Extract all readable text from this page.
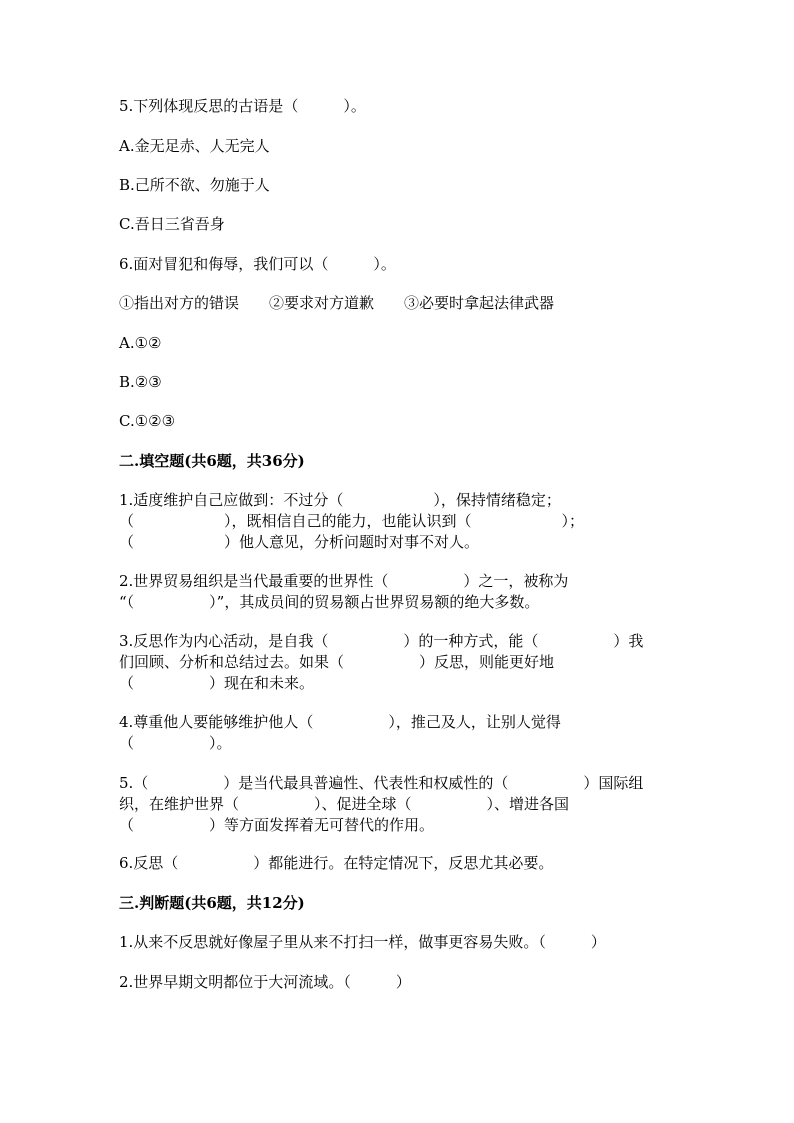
5.下列体现反思的古语是（　　　）。
A.金无足赤、人无完人
B.己所不欲、勿施于人
C.吾日三省吾身
6.面对冒犯和侮辱，我们可以（　　　）。
①指出对方的错误　　②要求对方道歉　　③必要时拿起法律武器
A.①②
B.②③
C.①②③
二.填空题(共6题，共36分)
1.适度维护自己应做到：不过分（　　　　　　），保持情绪稳定；
（　　　　　　），既相信自己的能力，也能认识到（　　　　　　）；
（　　　　　　）他人意见，分析问题时对事不对人。
2.世界贸易组织是当代最重要的世界性（　　　　　）之一，被称为
“（　　　　　）”，其成员间的贸易额占世界贸易额的绝大多数。
3.反思作为内心活动，是自我（　　　　　）的一种方式，能（　　　　　）我
们回顾、分析和总结过去。如果（　　　　　）反思，则能更好地
（　　　　　）现在和未来。
4.尊重他人要能够维护他人（　　　　　），推己及人，让别人觉得
（　　　　　）。
5.（　　　　　）是当代最具普遍性、代表性和权威性的（　　　　　）国际组
织，在维护世界（　　　　　）、促进全球（　　　　　）、增进各国
（　　　　　）等方面发挥着无可替代的作用。
6.反思（　　　　　）都能进行。在特定情况下，反思尤其必要。
三.判断题(共6题，共12分)
1.从来不反思就好像屋子里从来不打扫一样，做事更容易失败。（　　　）
2.世界早期文明都位于大河流域。（　　　）
